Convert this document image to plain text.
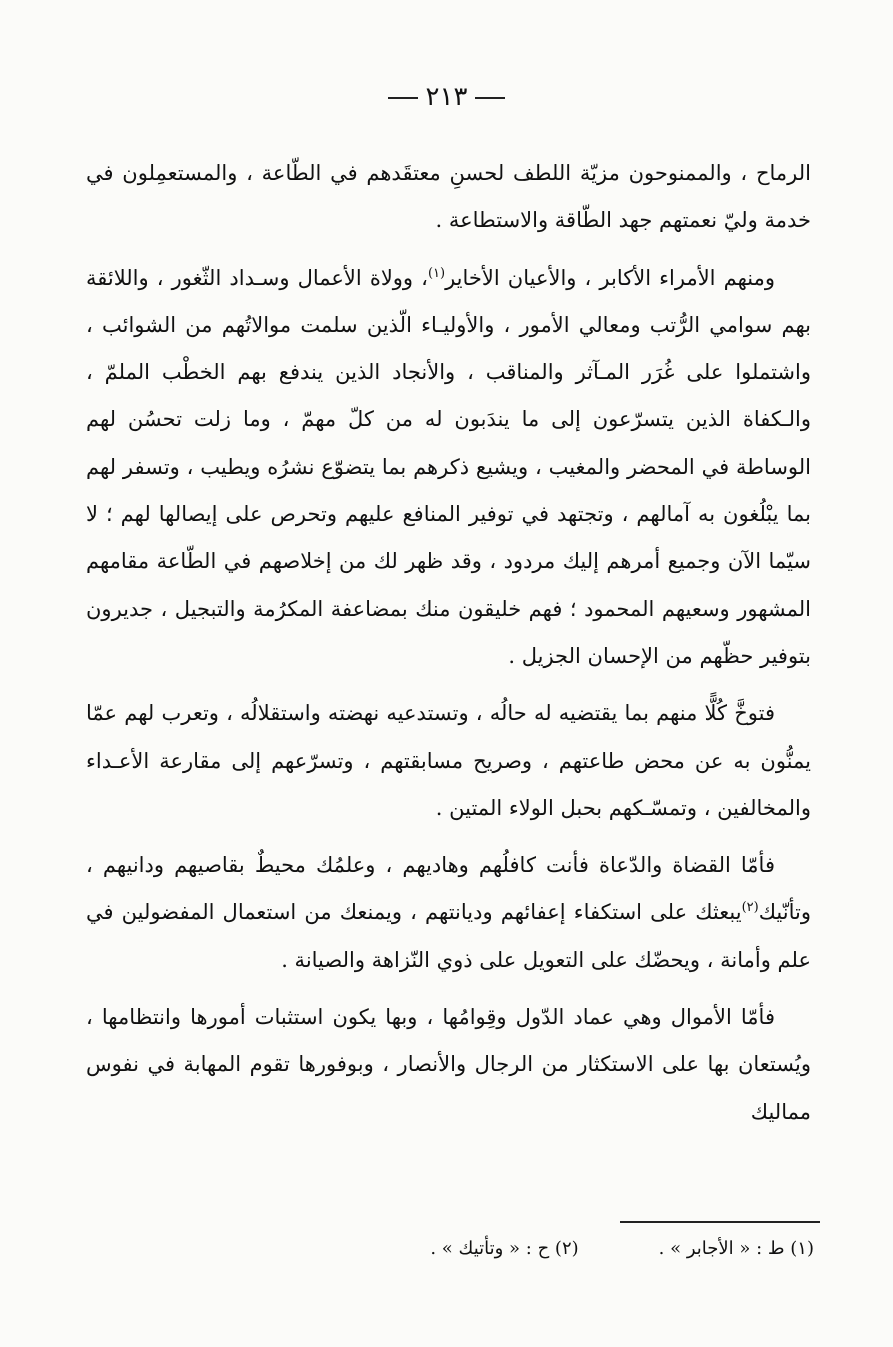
٢١٣

الرماح ، والممنوحون مزيّة اللطف لحسنِ معتقَدهم في الطّاعة ، والمستعمِلون في خدمة وليّ نعمتهم جهد الطّاقة والاستطاعة .

ومنهم الأمراء الأكابر ، والأعيان الأخاير$^{(١)}$، وولاة الأعمال وسـداد الثّغور ، واللائقة بهم سوامي الرُّتب ومعالي الأمور ، والأوليـاء الّذين سلمت موالاتُهم من الشوائب ، واشتملوا على غُرَر المـآثر والمناقب ، والأنجاد الذين يندفع بهم الخطْب الملمّ ، والـكفاة الذين يتسرّعون إلى ما يندَبون له من كلّ مهمّ ، وما زلت تحسُن لهم الوساطة في المحضر والمغيب ، ويشيع ذكرهم بما يتضوّع نشرُه ويطيب ، وتسفر لهم بما يبْلُغون به آمالهم ، وتجتهد في توفير المنافع عليهم وتحرص على إيصالها لهم ؛ لا سيّما الآن وجميع أمرهم إليك مردود ، وقد ظهر لك من إخلاصهم في الطّاعة مقامهم المشهور وسعيهم المحمود ؛ فهم خليقون منك بمضاعفة المكرُمة والتبجيل ، جديرون بتوفير حظّهم من الإحسان الجزيل .

فتوخَّ كُلًّا منهم بما يقتضيه له حالُه ، وتستدعيه نهضته واستقلالُه ، وتعرب لهم عمّا يمنُّون به عن محض طاعتهم ، وصريح مسابقتهم ، وتسرّعهم إلى مقارعة الأعـداء والمخالفين ، وتمسّـكهم بحبل الولاء المتين .

فأمّا القضاة والدّعاة فأنت كافلُهم وهاديهم ، وعلمُك محيطٌ بقاصيهم ودانيهم ، وتأنّيك$^{(٢)}$يبعثك على استكفاء إعفائهم وديانتهم ، ويمنعك من استعمال المفضولين في علم وأمانة ، ويحضّك على التعويل على ذوي النّزاهة والصيانة .

فأمّا الأموال وهي عماد الدّول وقِوامُها ، وبها يكون استثبات أمورها وانتظامها ، ويُستعان بها على الاستكثار من الرجال والأنصار ، وبوفورها تقوم المهابة في نفوس مماليك

(١) ط : « الأجابر » .
(٢) ح : « وتأتيك » .
